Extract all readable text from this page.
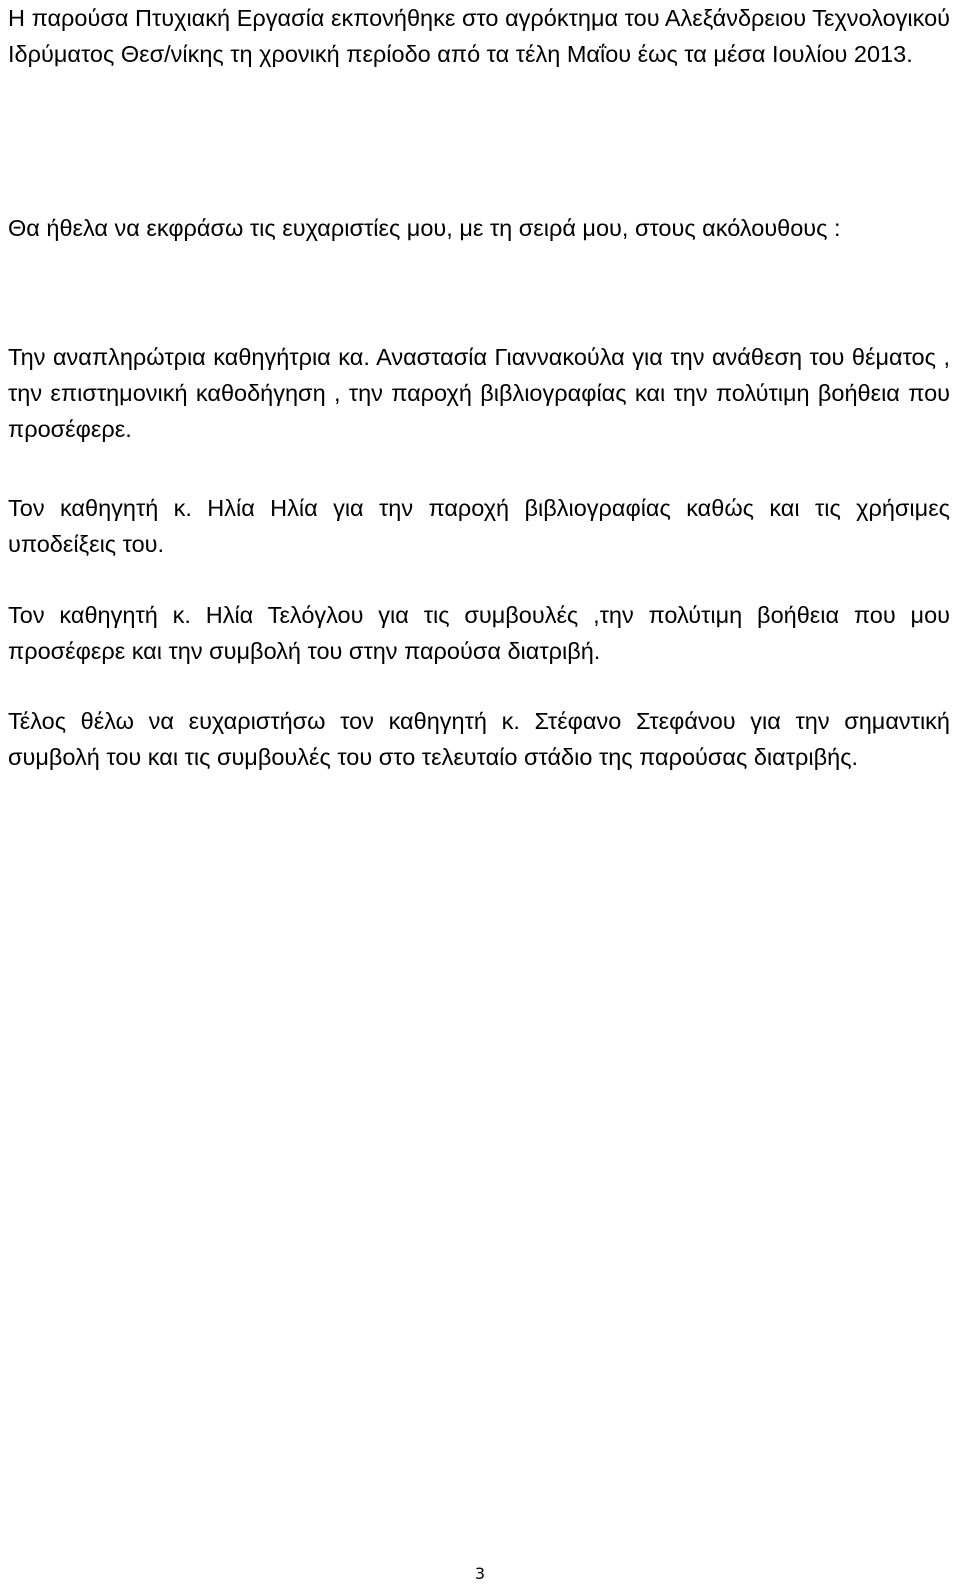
Η παρούσα Πτυχιακή Εργασία εκπονήθηκε στο αγρόκτημα του Αλεξάνδρειου Τεχνολογικού Ιδρύματος Θεσ/νίκης τη χρονική περίοδο από τα τέλη Μαΐου έως τα μέσα Ιουλίου 2013.

Θα ήθελα να εκφράσω τις ευχαριστίες μου, με τη σειρά μου, στους ακόλουθους :

Την αναπληρώτρια καθηγήτρια κα. Αναστασία Γιαννακούλα για την ανάθεση του θέματος , την επιστημονική καθοδήγηση , την παροχή βιβλιογραφίας και την πολύτιμη βοήθεια που προσέφερε.

Τον καθηγητή κ. Ηλία Ηλία για την παροχή βιβλιογραφίας καθώς και τις χρήσιμες υποδείξεις του.

Τον καθηγητή κ. Ηλία Τελόγλου για τις συμβουλές ,την πολύτιμη βοήθεια που μου προσέφερε και την συμβολή του στην παρούσα διατριβή.

Τέλος θέλω να ευχαριστήσω τον καθηγητή κ. Στέφανο Στεφάνου για την σημαντική συμβολή του και τις συμβουλές του στο τελευταίο στάδιο της παρούσας διατριβής.

3
